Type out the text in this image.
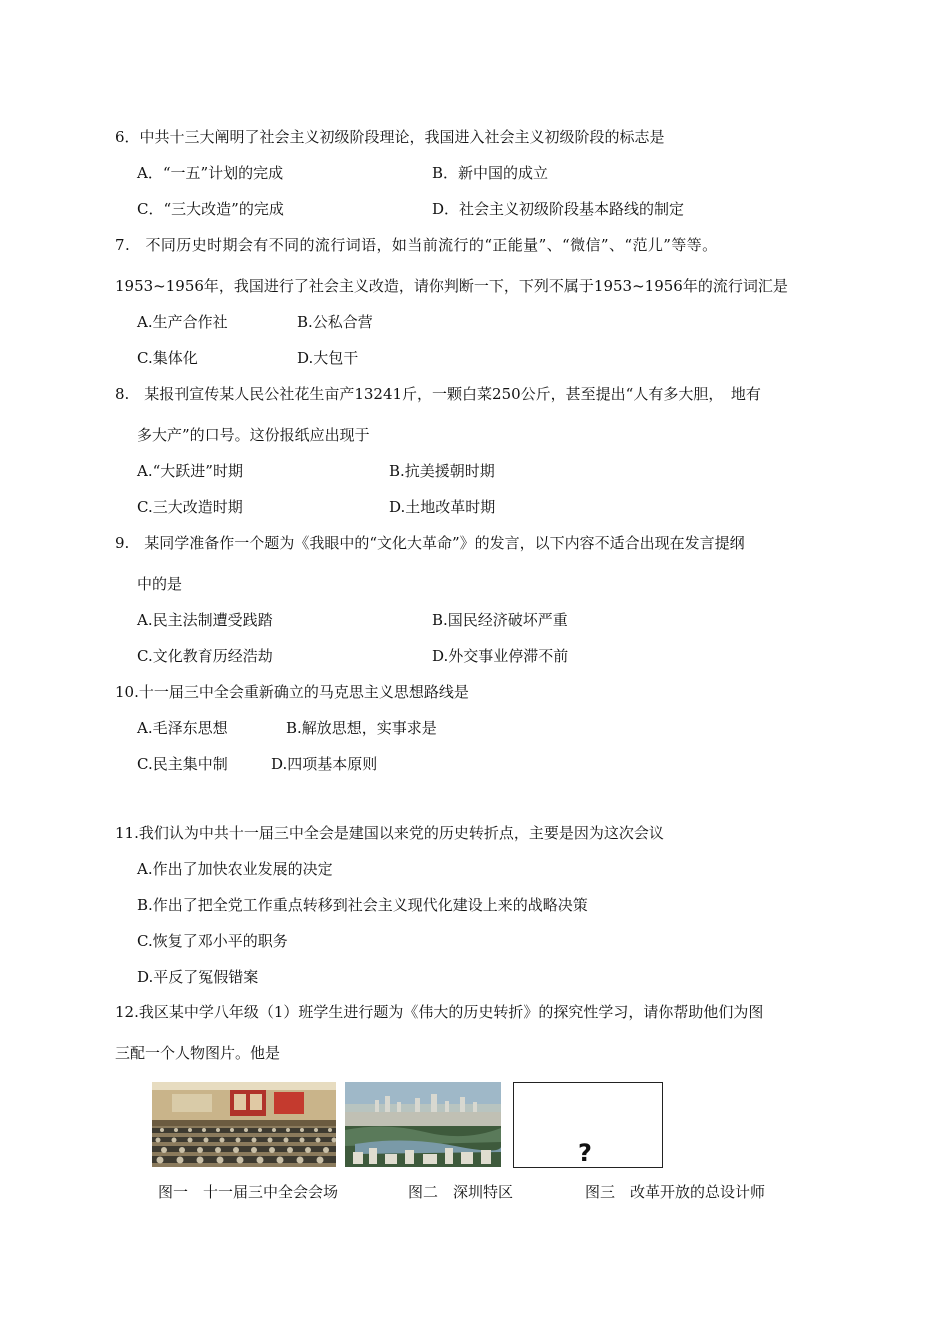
6．中共十三大阐明了社会主义初级阶段理论，我国进入社会主义初级阶段的标志是
A．“一五”计划的完成	B．新中国的成立
C．“三大改造”的完成	D．社会主义初级阶段基本路线的制定
7.　不同历史时期会有不同的流行词语，如当前流行的“正能量”、“微信”、“范儿”等等。
1953~1956年，我国进行了社会主义改造，请你判断一下，下列不属于1953~1956年的流行词汇是
A.生产合作社	B.公私合营
C.集体化	D.大包干
8.　某报刊宣传某人民公社花生亩产13241斤，一颗白菜250公斤，甚至提出“人有多大胆，　地有
多大产”的口号。这份报纸应出现于
A.“大跃进”时期	B.抗美援朝时期
C.三大改造时期	D.土地改革时期
9.　某同学准备作一个题为《我眼中的“文化大革命”》的发言，以下内容不适合出现在发言提纲
中的是
A.民主法制遭受践踏	B.国民经济破坏严重
C.文化教育历经浩劫	D.外交事业停滞不前
10.十一届三中全会重新确立的马克思主义思想路线是
A.毛泽东思想	B.解放思想，实事求是
C.民主集中制	D.四项基本原则
11.我们认为中共十一届三中全会是建国以来党的历史转折点，主要是因为这次会议
A.作出了加快农业发展的决定
B.作出了把全党工作重点转移到社会主义现代化建设上来的战略决策
C.恢复了邓小平的职务
D.平反了冤假错案
12.我区某中学八年级（1）班学生进行题为《伟大的历史转折》的探究性学习，请你帮助他们为图
三配一个人物图片。他是
?
图一　十一届三中全会会场	图二　深圳特区	图三　改革开放的总设计师
